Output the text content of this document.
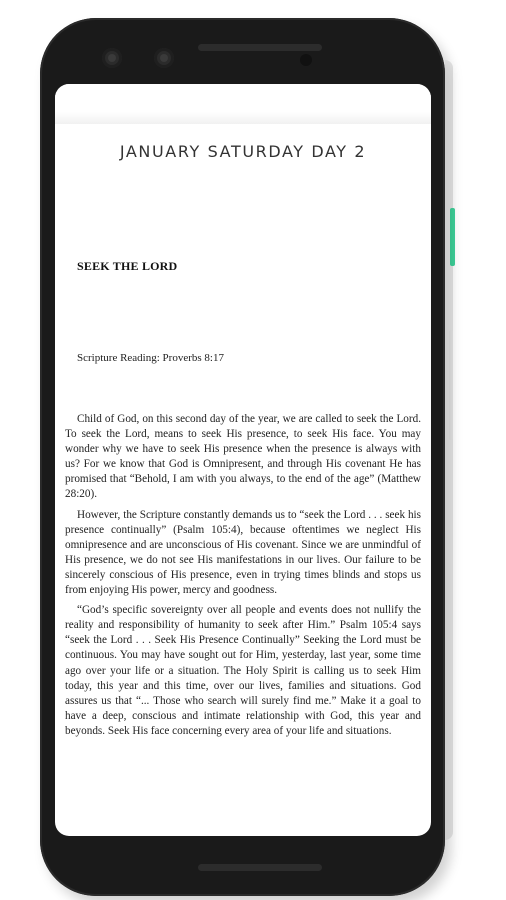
JANUARY SATURDAY DAY 2
SEEK THE LORD
Scripture Reading: Proverbs 8:17

Child of God, on this second day of the year, we are called to seek the Lord. To seek the Lord, means to seek His presence, to seek His face. You may wonder why we have to seek His presence when the presence is always with us? For we know that God is Omnipresent, and through His covenant He has promised that “Behold, I am with you always, to the end of the age” (Matthew 28:20).

However, the Scripture constantly demands us to “seek the Lord . . . seek his presence continually” (Psalm 105:4), because oftentimes we neglect His omnipresence and are unconscious of His covenant. Since we are unmindful of His presence, we do not see His manifestations in our lives. Our failure to be sincerely conscious of His presence, even in trying times blinds and stops us from enjoying His power, mercy and goodness.

“God’s specific sovereignty over all people and events does not nullify the reality and responsibility of humanity to seek after Him.” Psalm 105:4 says “seek the Lord . . . Seek His Presence Continually” Seeking the Lord must be continuous. You may have sought out for Him, yesterday, last year, some time ago over your life or a situation. The Holy Spirit is calling us to seek Him today, this year and this time, over our lives, families and situations. God assures us that “... Those who search will surely find me.” Make it a goal to have a deep, conscious and intimate relationship with God, this year and beyonds. Seek His face concerning every area of your life and situations.
